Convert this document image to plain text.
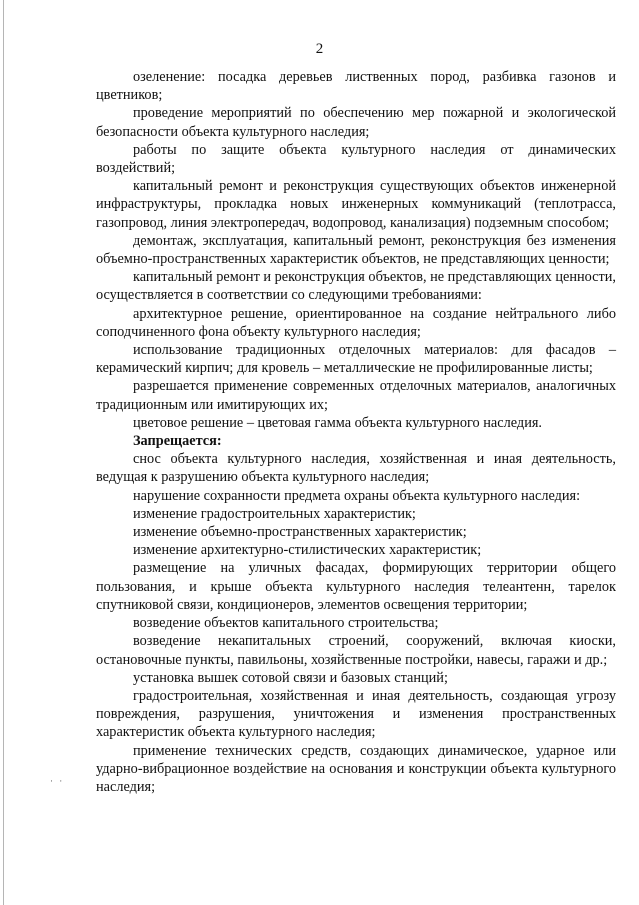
· ·
2

озеленение: посадка деревьев лиственных пород, разбивка газонов и цветников;

проведение мероприятий по обеспечению мер пожарной и экологической безопасности объекта культурного наследия;

работы по защите объекта культурного наследия от динамических воздействий;

капитальный ремонт и реконструкция существующих объектов инженерной инфраструктуры, прокладка новых инженерных коммуникаций (теплотрасса, газопровод, линия электропередач, водопровод, канализация) подземным способом;

демонтаж, эксплуатация, капитальный ремонт, реконструкция без изменения объемно-пространственных характеристик объектов, не представляющих ценности;

капитальный ремонт и реконструкция объектов, не представляющих ценности, осуществляется в соответствии со следующими требованиями:

архитектурное решение, ориентированное на создание нейтрального либо соподчиненного фона объекту культурного наследия;

использование традиционных отделочных материалов: для фасадов – керамический кирпич; для кровель – металлические не профилированные листы;

разрешается применение современных отделочных материалов, аналогичных традиционным или имитирующих их;

цветовое решение – цветовая гамма объекта культурного наследия.

Запрещается:

снос объекта культурного наследия, хозяйственная и иная деятельность, ведущая к разрушению объекта культурного наследия;

нарушение сохранности предмета охраны объекта культурного наследия:

изменение градостроительных характеристик;

изменение объемно-пространственных характеристик;

изменение архитектурно-стилистических характеристик;

размещение на уличных фасадах, формирующих территории общего пользования, и крыше объекта культурного наследия телеантенн, тарелок спутниковой связи, кондиционеров, элементов освещения территории;

возведение объектов капитального строительства;

возведение некапитальных строений, сооружений, включая киоски, остановочные пункты, павильоны, хозяйственные постройки, навесы, гаражи и др.;

установка вышек сотовой связи и базовых станций;

градостроительная, хозяйственная и иная деятельность, создающая угрозу повреждения, разрушения, уничтожения и изменения пространственных характеристик объекта культурного наследия;

применение технических средств, создающих динамическое, ударное или ударно-вибрационное воздействие на основания и конструкции объекта культурного наследия;
